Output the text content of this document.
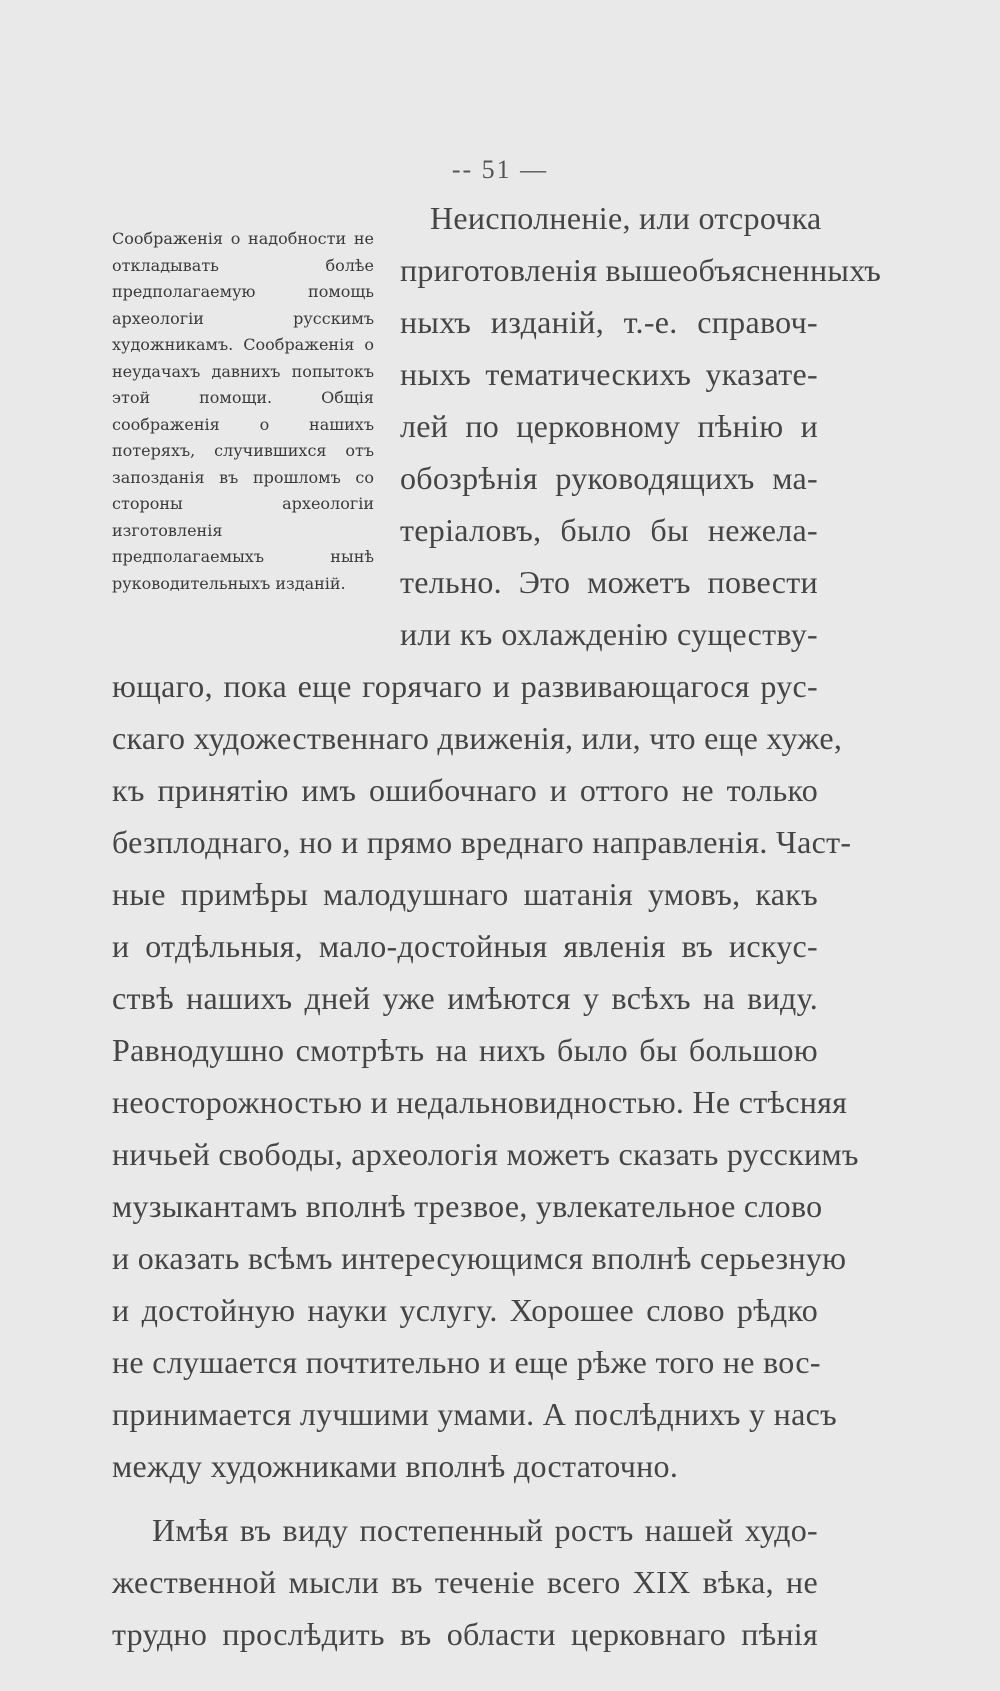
-- 51 —
Соображенія о надобности не откладывать болѣе предполагаемую помощь археологіи русскимъ художникамъ. Соображенія о неудачахъ давнихъ попытокъ этой помощи. Общія соображенія о нашихъ потеряхъ, случившихся отъ запозданія въ прошломъ со стороны археологіи изготовленія предполагаемыхъ нынѣ руководительныхъ изданій.
Неисполненіе, или отсрочка
приготовленія вышеобъясненныхъ
ныхъ изданій, т.-е. справоч-
ныхъ тематическихъ указате-
лей по церковному пѣнію и
обозрѣнія руководящихъ ма-
теріаловъ, было бы нежела-
тельно. Это можетъ повести
или къ охлажденію существу-
ющаго, пока еще горячаго и развивающагося рус-
скаго художественнаго движенія, или, что еще хуже,
къ принятію имъ ошибочнаго и оттого не только
безплоднаго, но и прямо вреднаго направленія. Част-
ные примѣры малодушнаго шатанія умовъ, какъ
и отдѣльныя, мало-достойныя явленія въ искус-
ствѣ нашихъ дней уже имѣются у всѣхъ на виду.
Равнодушно смотрѣть на нихъ было бы большою
неосторожностью и недальновидностью. Не стѣсняя
ничьей свободы, археологія можетъ сказать русскимъ
музыкантамъ вполнѣ трезвое, увлекательное слово
и оказать всѣмъ интересующимся вполнѣ серьезную
и достойную науки услугу. Хорошее слово рѣдко
не слушается почтительно и еще рѣже того не вос-
принимается лучшими умами. А послѣднихъ у насъ
между художниками вполнѣ достаточно.
Имѣя въ виду постепенный ростъ нашей худо-
жественной мысли въ теченіе всего XIX вѣка, не
трудно прослѣдить въ области церковнаго пѣнія
